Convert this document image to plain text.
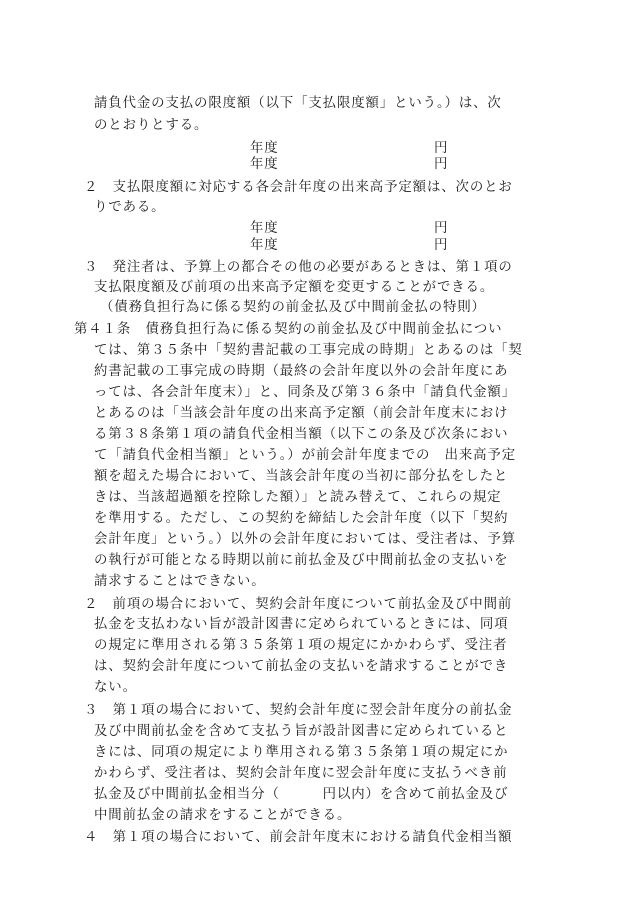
請負代金の支払の限度額（以下「支払限度額」という。）は、次
のとおりとする。
年度	円
年度	円
２　支払限度額に対応する各会計年度の出来高予定額は、次のとお
りである。
年度	円
年度	円
３　発注者は、予算上の都合その他の必要があるときは、第１項の
支払限度額及び前項の出来高予定額を変更することができる。
（債務負担行為に係る契約の前金払及び中間前金払の特則）
第４１条　債務負担行為に係る契約の前金払及び中間前金払につい
ては、第３５条中「契約書記載の工事完成の時期」とあるのは「契
約書記載の工事完成の時期（最終の会計年度以外の会計年度にあ
っては、各会計年度末）」と、同条及び第３６条中「請負代金額」
とあるのは「当該会計年度の出来高予定額（前会計年度末におけ
る第３８条第１項の請負代金相当額（以下この条及び次条におい
て「請負代金相当額」という。）が前会計年度までの　出来高予定
額を超えた場合において、当該会計年度の当初に部分払をしたと
きは、当該超過額を控除した額）」と読み替えて、これらの規定
を準用する。ただし、この契約を締結した会計年度（以下「契約
会計年度」という。）以外の会計年度においては、受注者は、予算
の執行が可能となる時期以前に前払金及び中間前払金の支払いを
請求することはできない。
２　前項の場合において、契約会計年度について前払金及び中間前
払金を支払わない旨が設計図書に定められているときには、同項
の規定に準用される第３５条第１項の規定にかかわらず、受注者
は、契約会計年度について前払金の支払いを請求することができ
ない。
３　第１項の場合において、契約会計年度に翌会計年度分の前払金
及び中間前払金を含めて支払う旨が設計図書に定められていると
きには、同項の規定により準用される第３５条第１項の規定にか
かわらず、受注者は、契約会計年度に翌会計年度に支払うべき前
払金及び中間前払金相当分（　　　円以内）を含めて前払金及び
中間前払金の請求をすることができる。
４　第１項の場合において、前会計年度末における請負代金相当額
